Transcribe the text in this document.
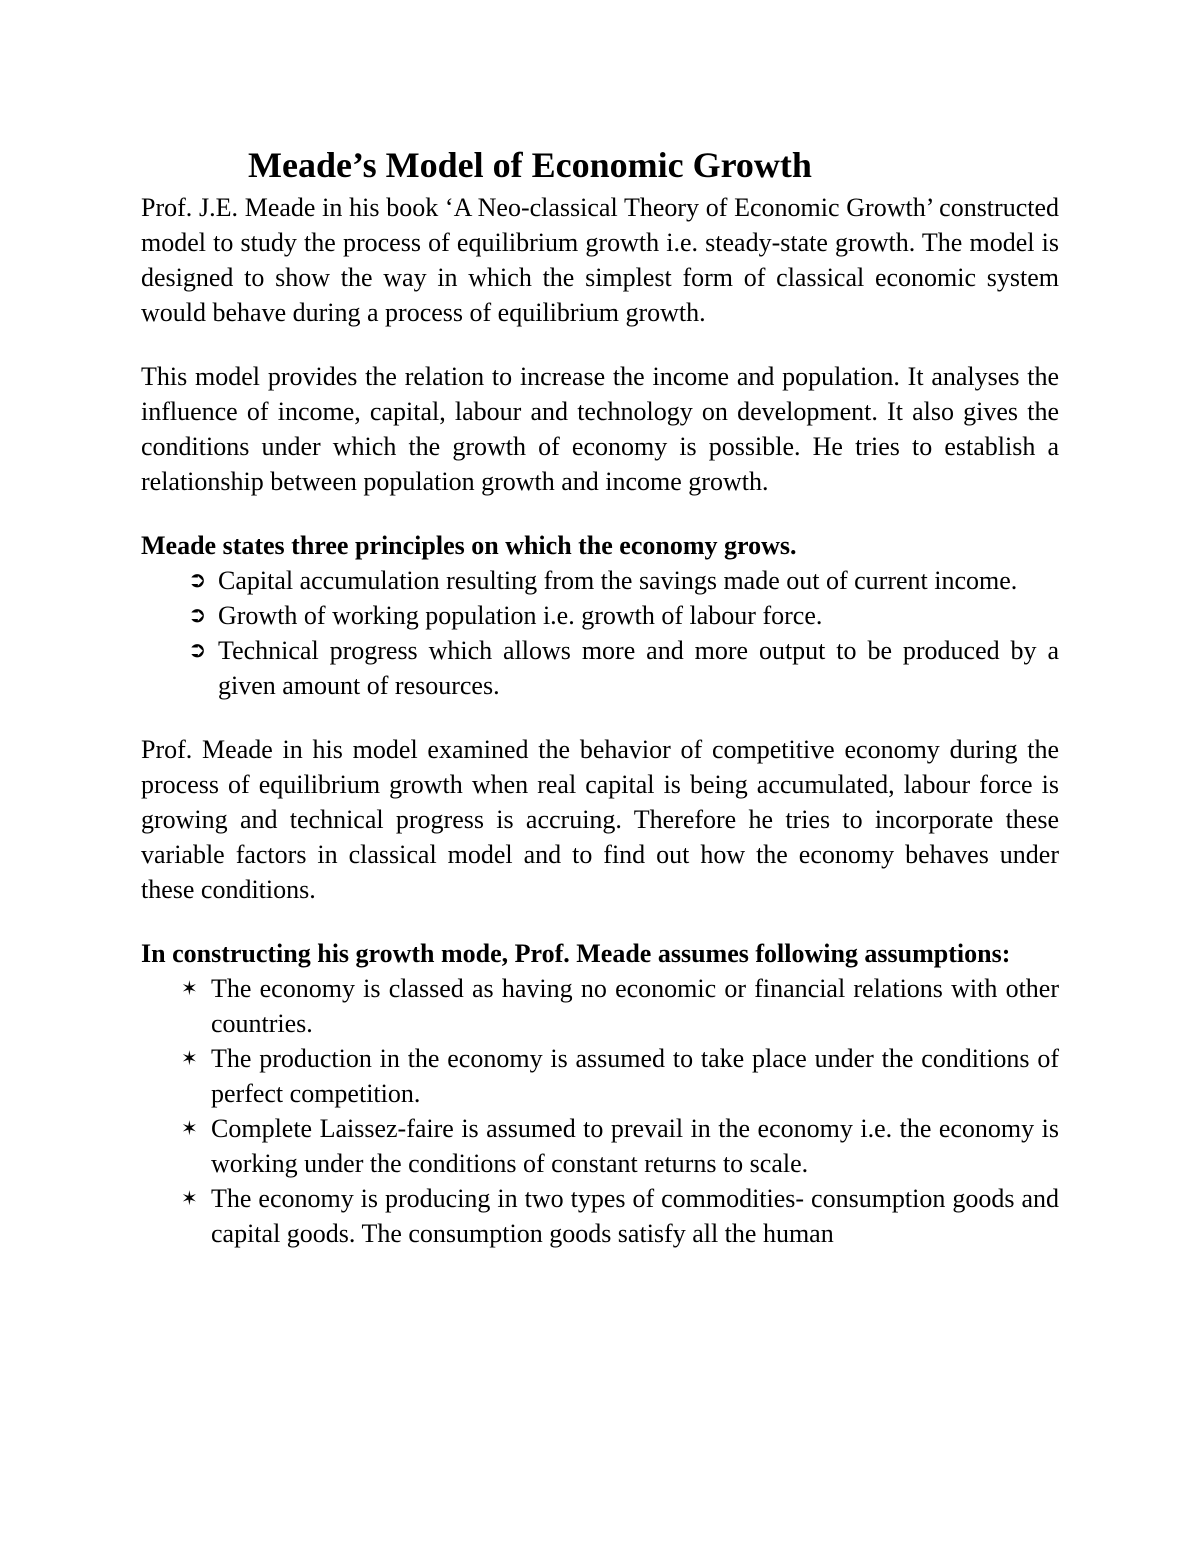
Meade’s Model of Economic Growth

Prof. J.E. Meade in his book ‘A Neo-classical Theory of Economic Growth’ constructed model to study the process of equilibrium growth i.e. steady-state growth. The model is designed to show the way in which the simplest form of classical economic system would behave during a process of equilibrium growth.

This model provides the relation to increase the income and population. It analyses the influence of income, capital, labour and technology on development. It also gives the conditions under which the growth of economy is possible. He tries to establish a relationship between population growth and income growth.

Meade states three principles on which the economy grows.

➲ Capital accumulation resulting from the savings made out of current income.
➲ Growth of working population i.e. growth of labour force.
➲ Technical progress which allows more and more output to be produced by a given amount of resources.

Prof. Meade in his model examined the behavior of competitive economy during the process of equilibrium growth when real capital is being accumulated, labour force is growing and technical progress is accruing. Therefore he tries to incorporate these variable factors in classical model and to find out how the economy behaves under these conditions.

In constructing his growth mode, Prof. Meade assumes following assumptions:

✶ The economy is classed as having no economic or financial relations with other countries.
✶ The production in the economy is assumed to take place under the conditions of perfect competition.
✶ Complete Laissez-faire is assumed to prevail in the economy i.e. the economy is working under the conditions of constant returns to scale.
✶ The economy is producing in two types of commodities- consumption goods and capital goods. The consumption goods satisfy all the human
